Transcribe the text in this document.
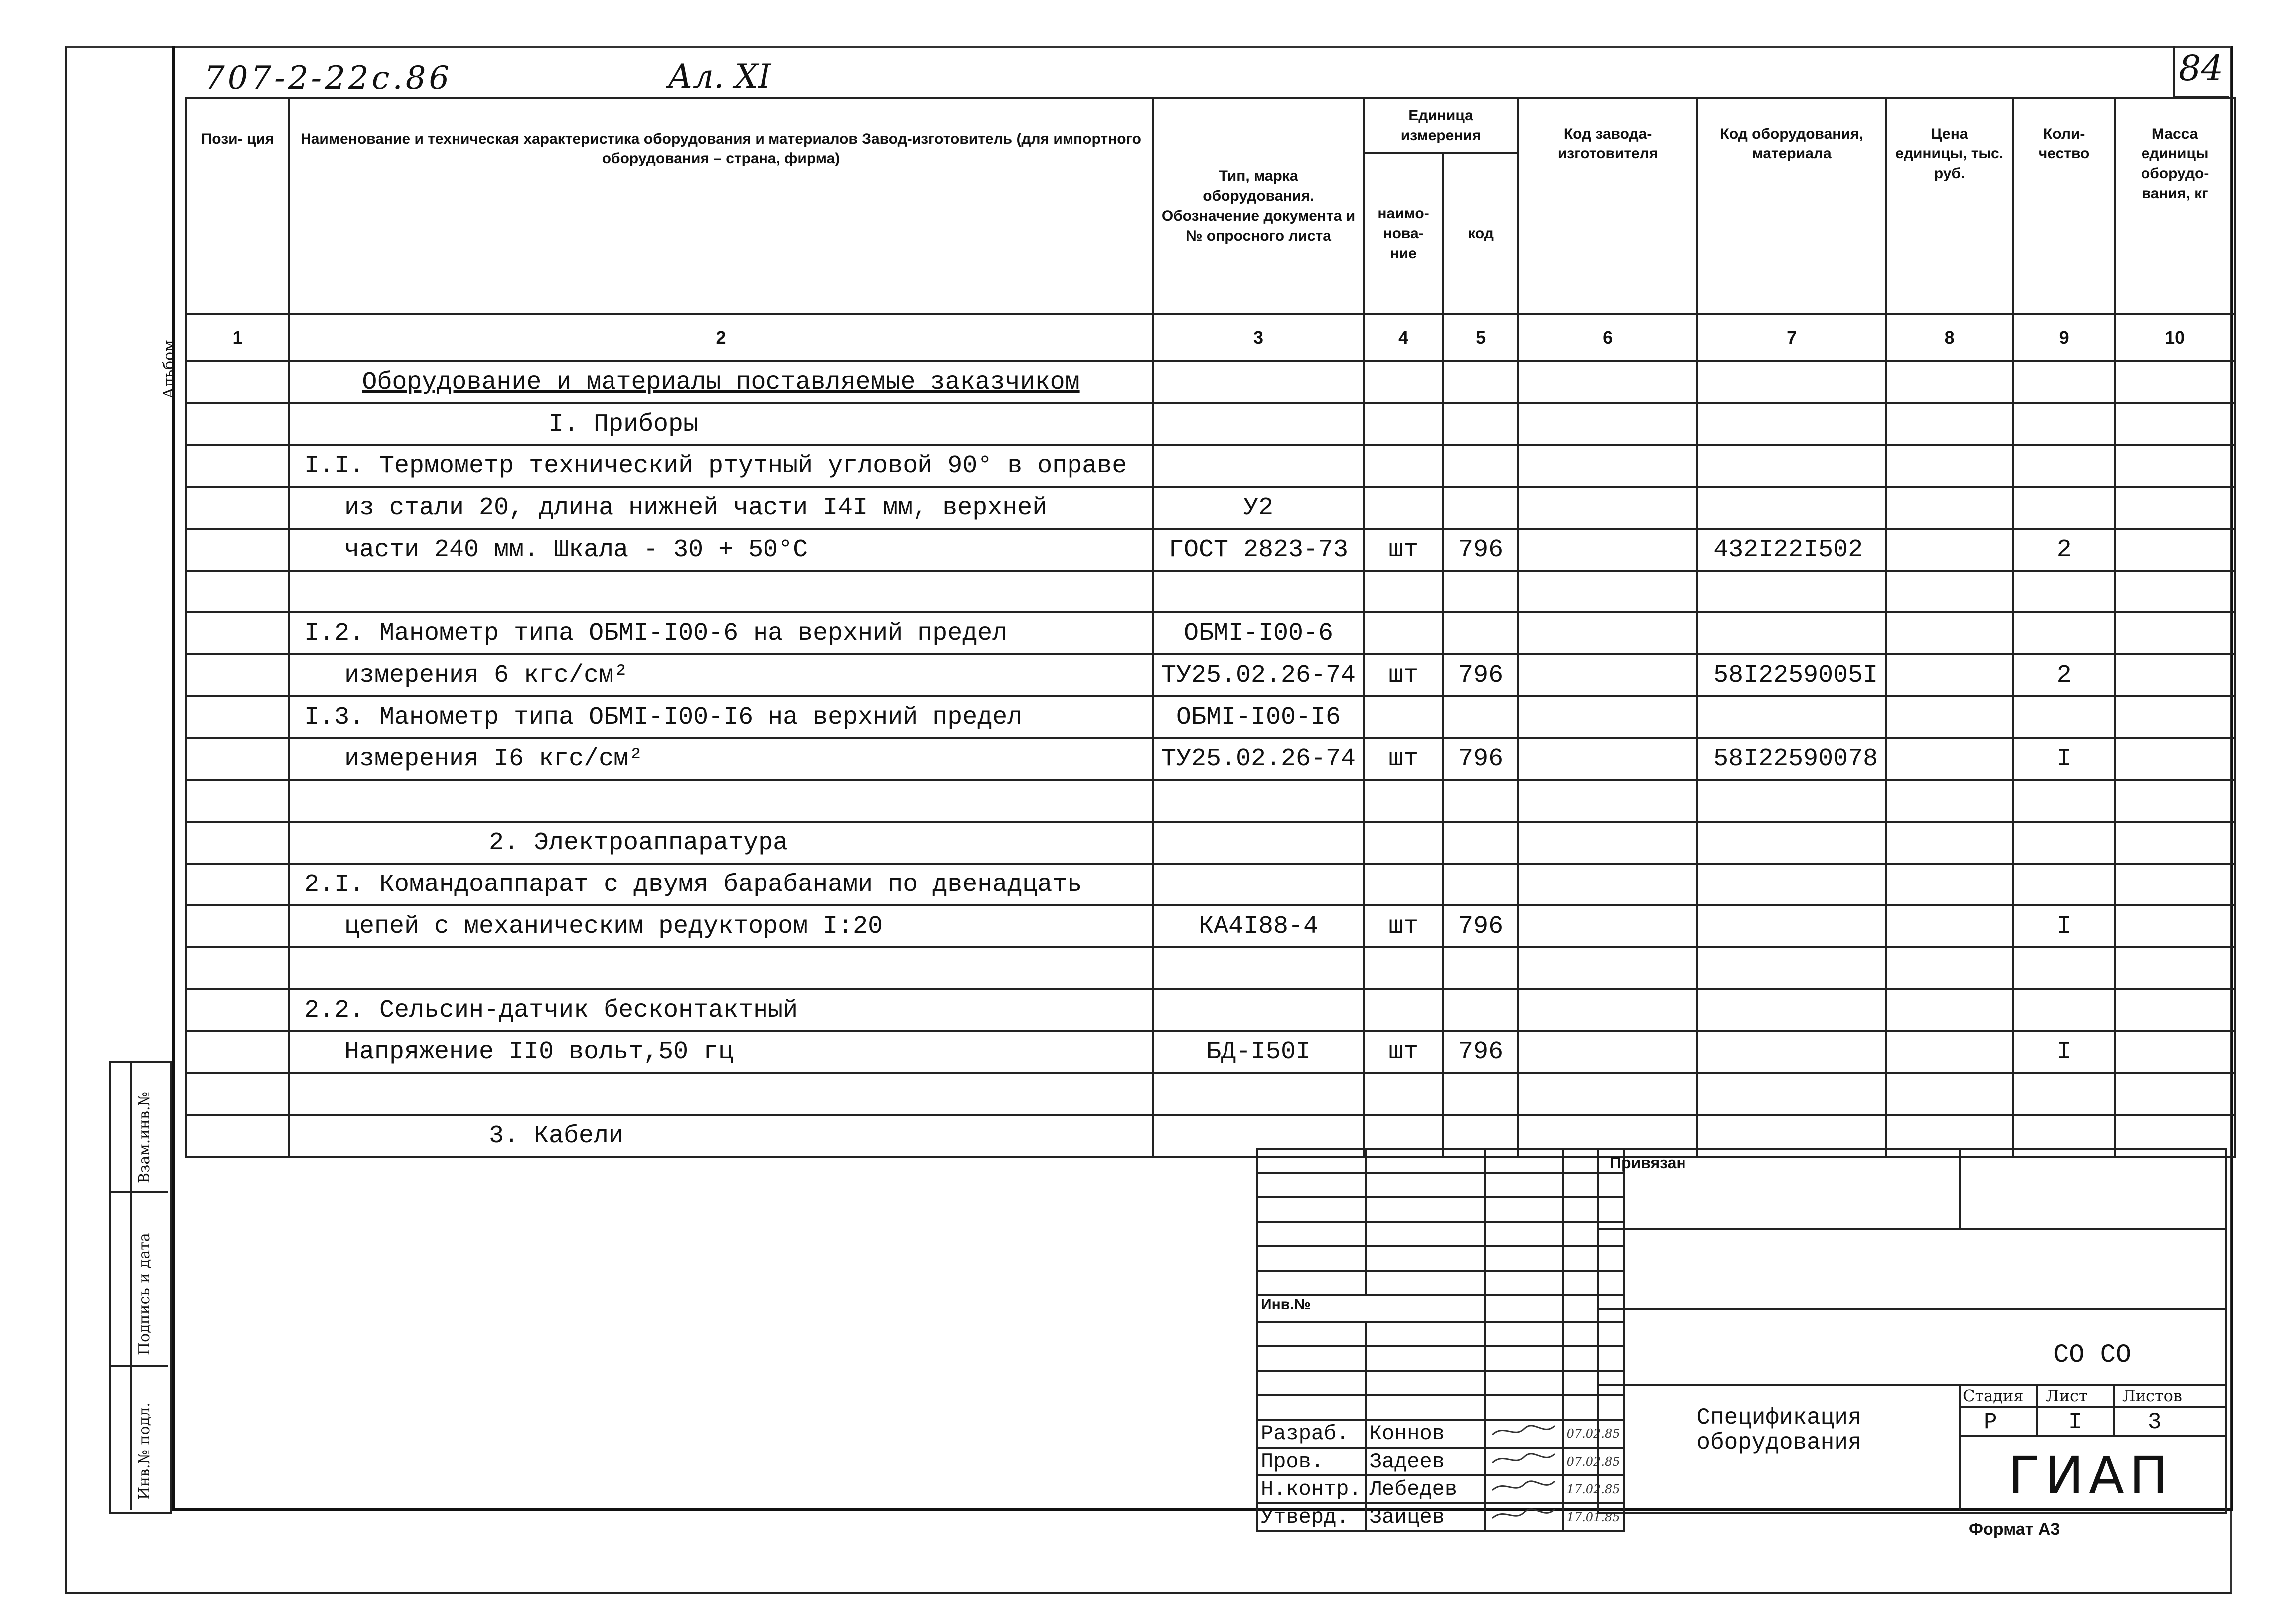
707-2-22с.86	Ал. XI	84
Альбом
Взам.инв.№
Подпись и дата
Инв.№ подл.
Пози- ция	Наименование и техническая характеристика оборудования и материалов Завод-изготовитель (для импортного оборудования – страна, фирма)	Тип, марка оборудования. Обозначение документа и № опросного листа	Единица измерения		Код завода-изготовителя	Код оборудования, материала	Цена единицы, тыс. руб.	Коли-чество	Масса единицы оборудо-вания, кг
			наимо-нова-ние	код					
1	2	3	4	5	6	7	8	9	10
	Оборудование и материалы поставляемые заказчиком								
	I. Приборы								
	I.I. Термометр технический ртутный угловой 90° в оправе								
	из стали 20, длина нижней части I4I мм, верхней	У2							
	части 240 мм. Шкала - 30 + 50°С	ГОСТ 2823-73	шт	796		432I22I502		2	

	I.2. Манометр типа ОБМI-I00-6 на верхний предел	ОБМI-I00-6							
	измерения 6 кгс/см²	ТУ25.02.26-74	шт	796		58I2259005I		2	
	I.3. Манометр типа ОБМI-I00-I6 на верхний предел	ОБМI-I00-I6							
	измерения I6 кгс/см²	ТУ25.02.26-74	шт	796		58I22590078		I	

	2. Электроаппаратура								
	2.I. Командоаппарат с двумя барабанами по двенадцать								
	цепей с механическим редуктором I:20	КА4I88-4	шт	796				I	

	2.2. Сельсин-датчик бесконтактный								
	Напряжение II0 вольт,50 гц	БД-I50I	шт	796				I	

	3. Кабели								

Инв.№			

Разраб.	Коннов		07.02.85
Пров.	Задеев		07.02.85
Н.контр.	Лебедев		17.02.85
Утверд.	Зайцев		17.01.85
Привязан
СО СО
Стадия Лист Листов
Р	I	3
Спецификация оборудования
ГИАП
Формат А3
